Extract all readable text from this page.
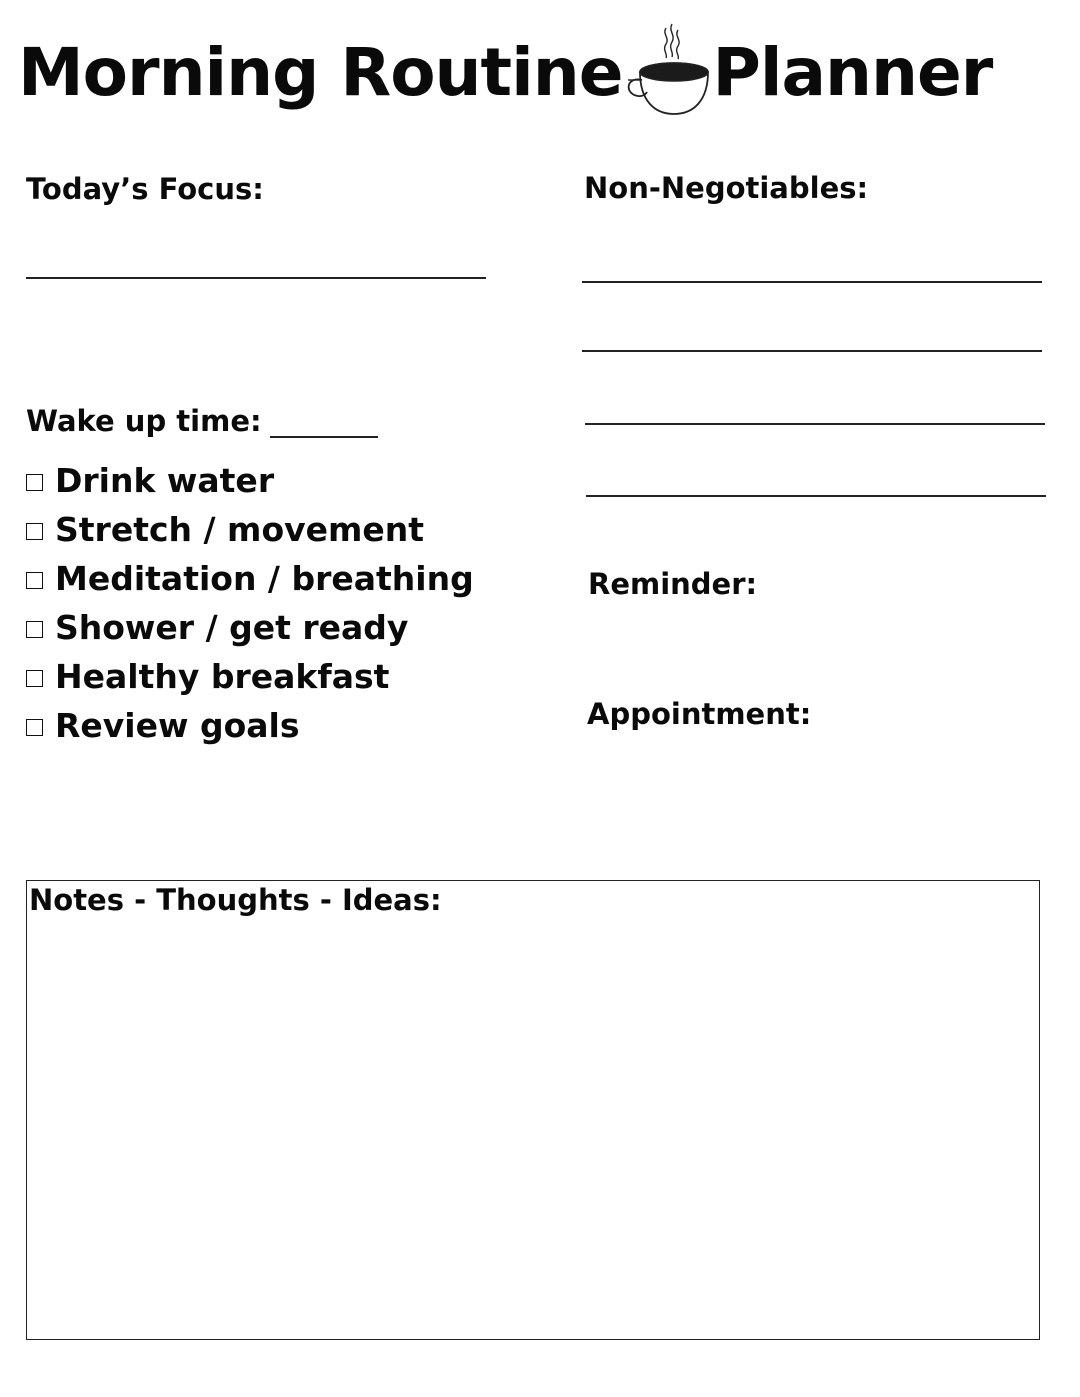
Morning Routine Planner
Today’s Focus:	Non-Negotiables:
Wake up time:
Drink water
Stretch / movement
Meditation / breathing
Shower / get ready
Healthy breakfast
Review goals
Reminder:
Appointment:
Notes - Thoughts - Ideas:
